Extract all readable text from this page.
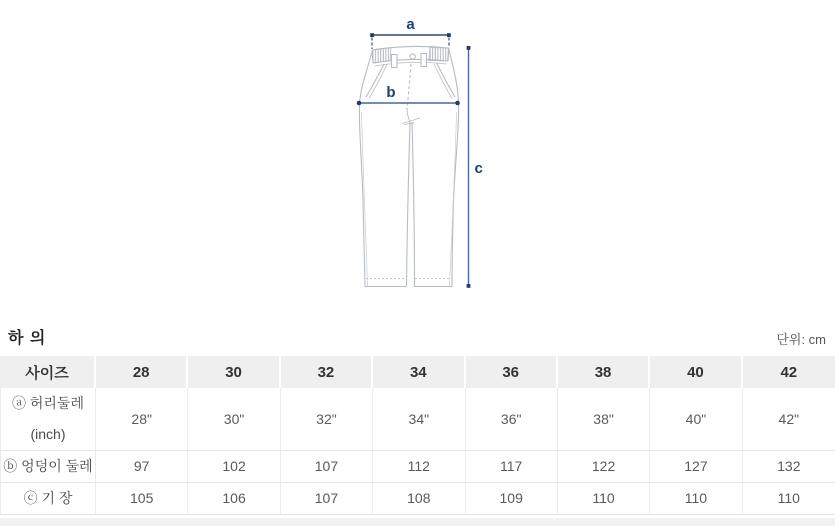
a
b
c
하 의	단위: cm
사이즈	28	30	32	34	36	38	40	42
ⓐ 허리둘레(inch)	28"	30"	32"	34"	36"	38"	40"	42"
ⓑ 엉덩이 둘레	97	102	107	112	117	122	127	132
ⓒ 기 장	105	106	107	108	109	110	110	110
